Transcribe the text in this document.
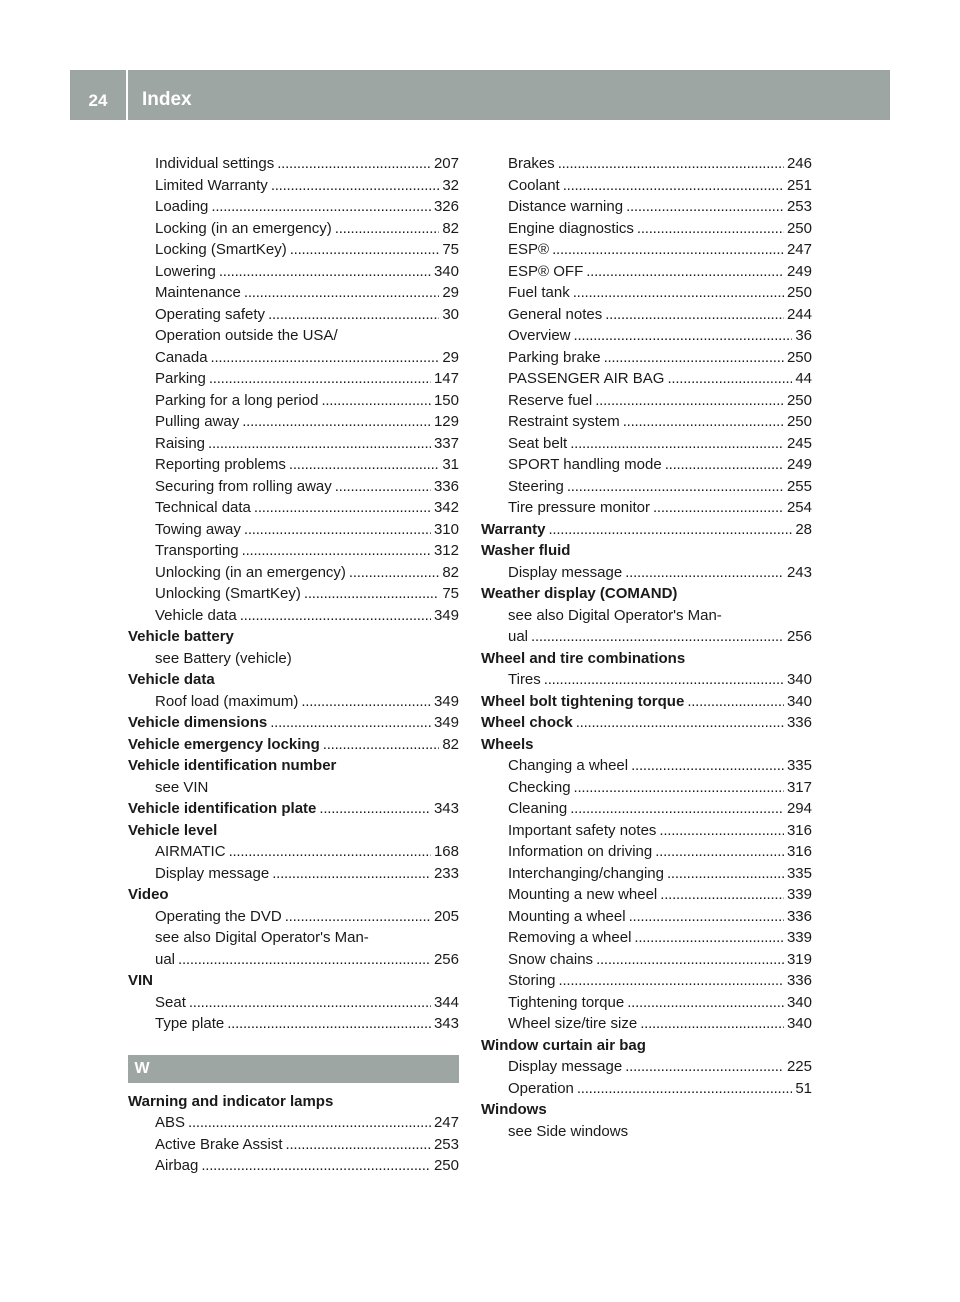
24	Index
Individual settings . . .	207
Limited Warranty . . .	32
Loading . . .	326
Locking (in an emergency) . . .	82
Locking (SmartKey) . . .	75
Lowering . . .	340
Maintenance . . .	29
Operating safety . . .	30
Operation outside the USA/
Canada . . .	29
Parking . . .	147
Parking for a long period . . .	150
Pulling away . . .	129
Raising . . .	337
Reporting problems . . .	31
Securing from rolling away . . .	336
Technical data . . .	342
Towing away . . .	310
Transporting . . .	312
Unlocking (in an emergency) . . .	82
Unlocking (SmartKey) . . .	75
Vehicle data . . .	349
Vehicle battery
see Battery (vehicle)
Vehicle data
Roof load (maximum) . . .	349
Vehicle dimensions . . .	349
Vehicle emergency locking . . .	82
Vehicle identification number
see VIN
Vehicle identification plate . . .	343
Vehicle level
AIRMATIC . . .	168
Display message . . .	233
Video
Operating the DVD . . .	205
see also Digital Operator's Man-
ual . . .	256
VIN
Seat . . .	344
Type plate . . .	343
W
Warning and indicator lamps
ABS . . .	247
Active Brake Assist . . .	253
Airbag . . .	250
Brakes . . .	246
Coolant . . .	251
Distance warning . . .	253
Engine diagnostics . . .	250
ESP® . . .	247
ESP® OFF . . .	249
Fuel tank . . .	250
General notes . . .	244
Overview . . .	36
Parking brake . . .	250
PASSENGER AIR BAG . . .	44
Reserve fuel . . .	250
Restraint system . . .	250
Seat belt . . .	245
SPORT handling mode . . .	249
Steering . . .	255
Tire pressure monitor . . .	254
Warranty . . .	28
Washer fluid
Display message . . .	243
Weather display (COMAND)
see also Digital Operator's Man-
ual . . .	256
Wheel and tire combinations
Tires . . .	340
Wheel bolt tightening torque . . .	340
Wheel chock . . .	336
Wheels
Changing a wheel . . .	335
Checking . . .	317
Cleaning . . .	294
Important safety notes . . .	316
Information on driving . . .	316
Interchanging/changing . . .	335
Mounting a new wheel . . .	339
Mounting a wheel . . .	336
Removing a wheel . . .	339
Snow chains . . .	319
Storing . . .	336
Tightening torque . . .	340
Wheel size/tire size . . .	340
Window curtain air bag
Display message . . .	225
Operation . . .	51
Windows
see Side windows
